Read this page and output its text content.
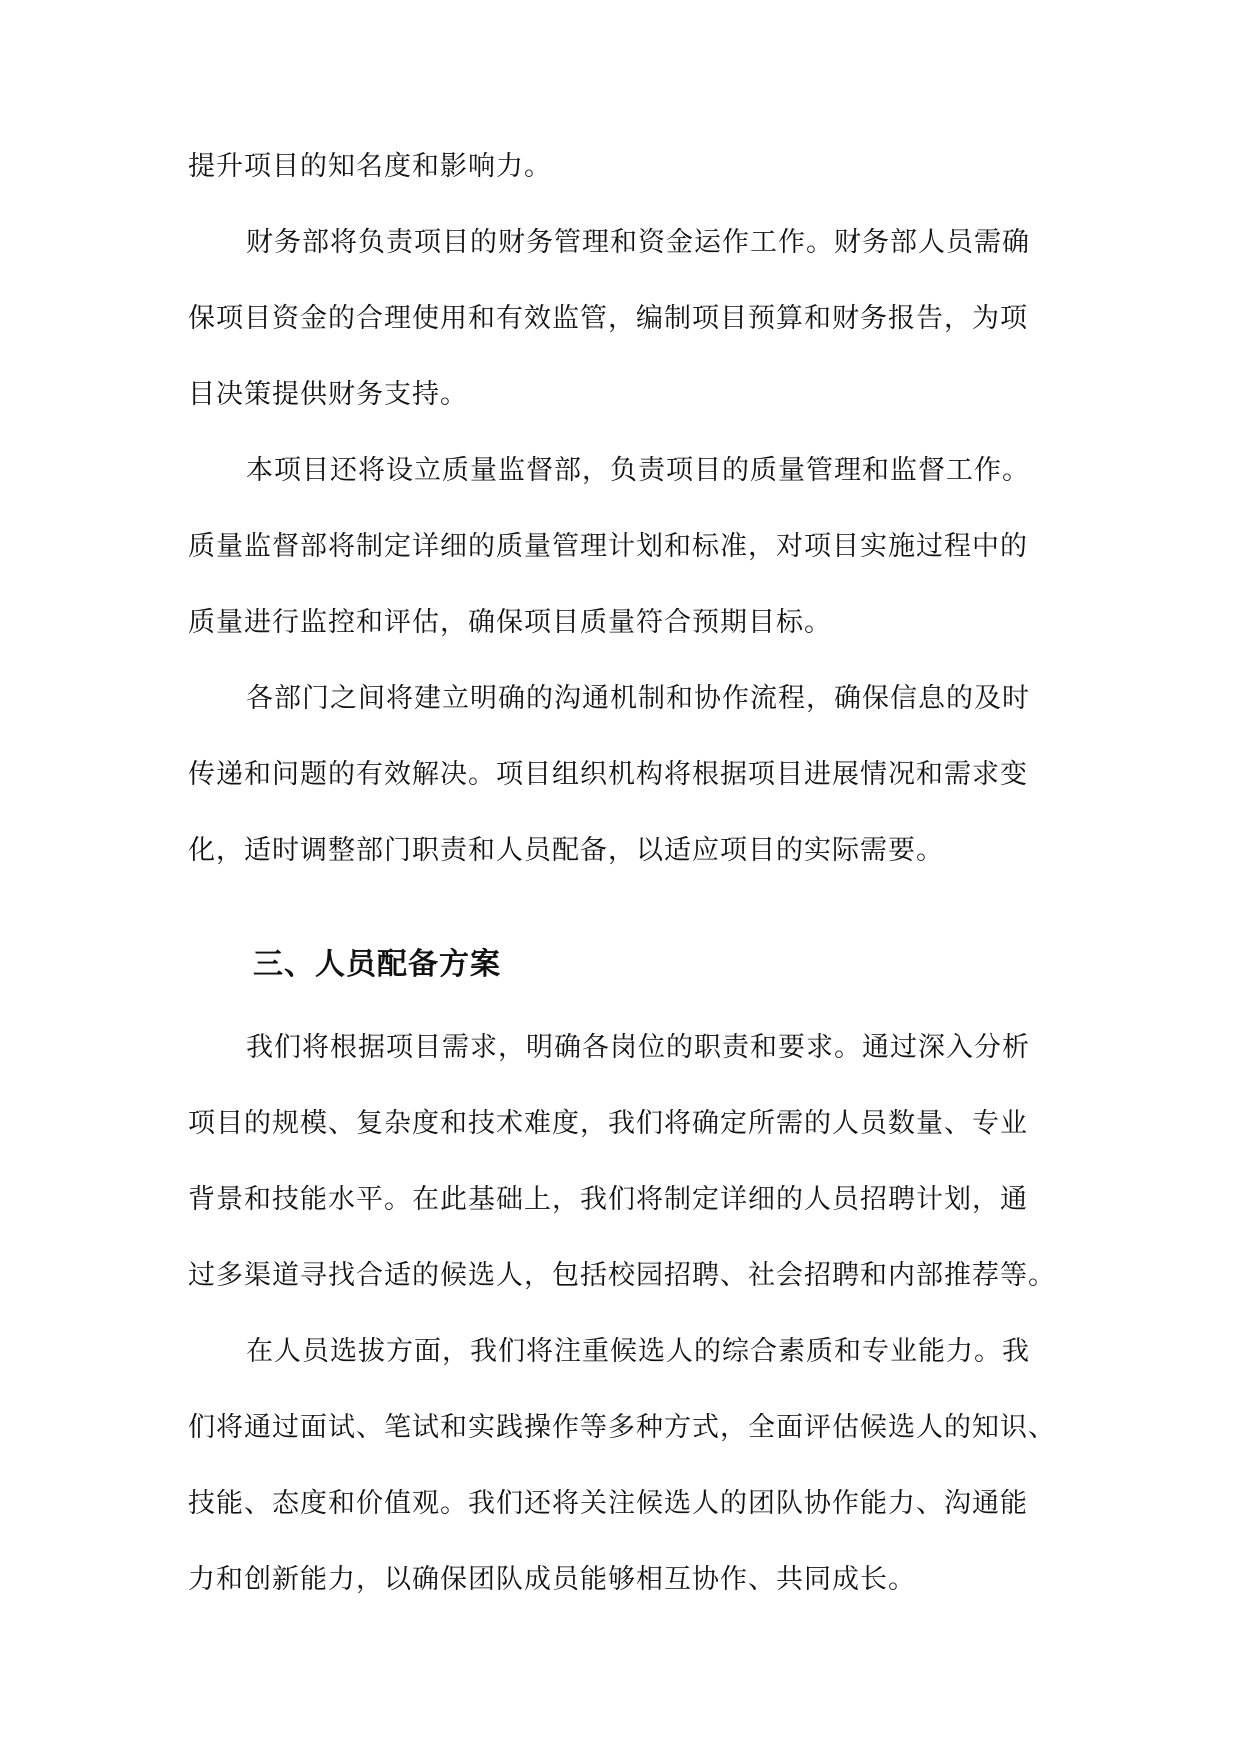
提升项目的知名度和影响力。
财务部将负责项目的财务管理和资金运作工作。财务部人员需确
保项目资金的合理使用和有效监管，编制项目预算和财务报告，为项
目决策提供财务支持。
本项目还将设立质量监督部，负责项目的质量管理和监督工作。
质量监督部将制定详细的质量管理计划和标准，对项目实施过程中的
质量进行监控和评估，确保项目质量符合预期目标。
各部门之间将建立明确的沟通机制和协作流程，确保信息的及时
传递和问题的有效解决。项目组织机构将根据项目进展情况和需求变
化，适时调整部门职责和人员配备，以适应项目的实际需要。
三、人员配备方案
我们将根据项目需求，明确各岗位的职责和要求。通过深入分析
项目的规模、复杂度和技术难度，我们将确定所需的人员数量、专业
背景和技能水平。在此基础上，我们将制定详细的人员招聘计划，通
过多渠道寻找合适的候选人，包括校园招聘、社会招聘和内部推荐等。
在人员选拔方面，我们将注重候选人的综合素质和专业能力。我
们将通过面试、笔试和实践操作等多种方式，全面评估候选人的知识、
技能、态度和价值观。我们还将关注候选人的团队协作能力、沟通能
力和创新能力，以确保团队成员能够相互协作、共同成长。
